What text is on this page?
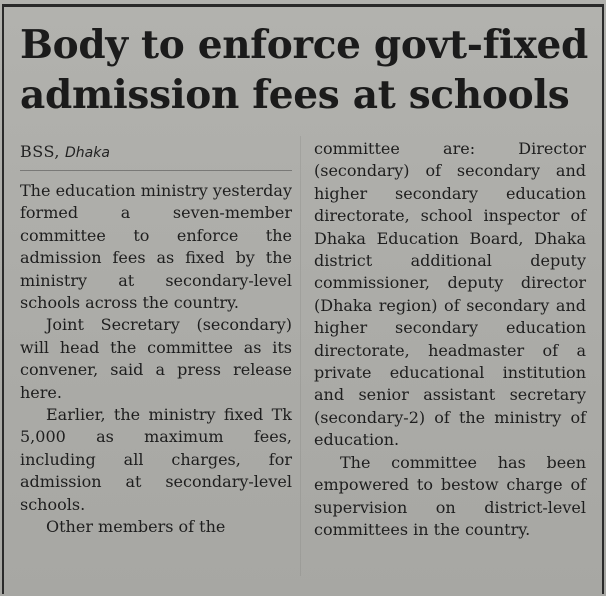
Body to enforce govt-fixed admission fees at schools
BSS, Dhaka

The education ministry yesterday formed a seven-member committee to enforce the admission fees as fixed by the ministry at secondary-level schools across the country.

Joint Secretary (secondary) will head the committee as its convener, said a press release here.

Earlier, the ministry fixed Tk 5,000 as maximum fees, including all charges, for admission at secondary-level schools.

Other members of the

committee are: Director (secondary) of secondary and higher secondary education directorate, school inspector of Dhaka Education Board, Dhaka district additional deputy commissioner, deputy director (Dhaka region) of secondary and higher secondary education directorate, headmaster of a private educational institution and senior assistant secretary (secondary-2) of the ministry of education.

The committee has been empowered to bestow charge of supervision on district-level committees in the country.
